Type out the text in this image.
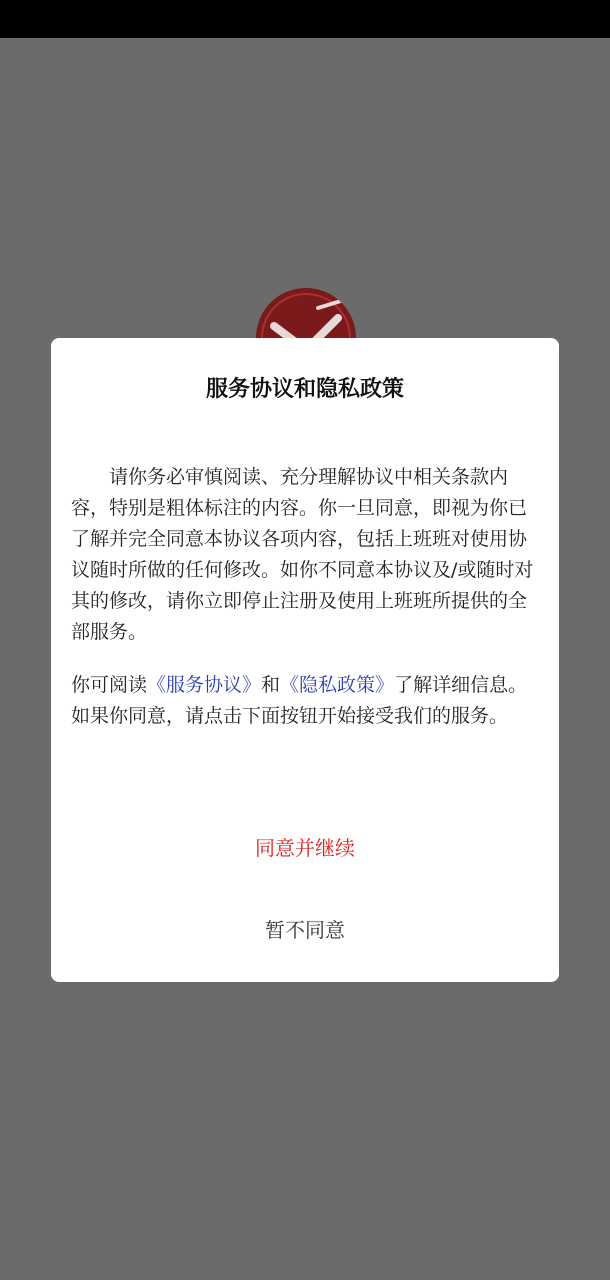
服务协议和隐私政策

请你务必审慎阅读、充分理解协议中相关条款内容，特别是粗体标注的内容。你一旦同意，即视为你已了解并完全同意本协议各项内容，包括上班班对使用协议随时所做的任何修改。如你不同意本协议及/或随时对其的修改，请你立即停止注册及使用上班班所提供的全部服务。

你可阅读《服务协议》和《隐私政策》了解详细信息。如果你同意，请点击下面按钮开始接受我们的服务。

同意并继续
暂不同意
